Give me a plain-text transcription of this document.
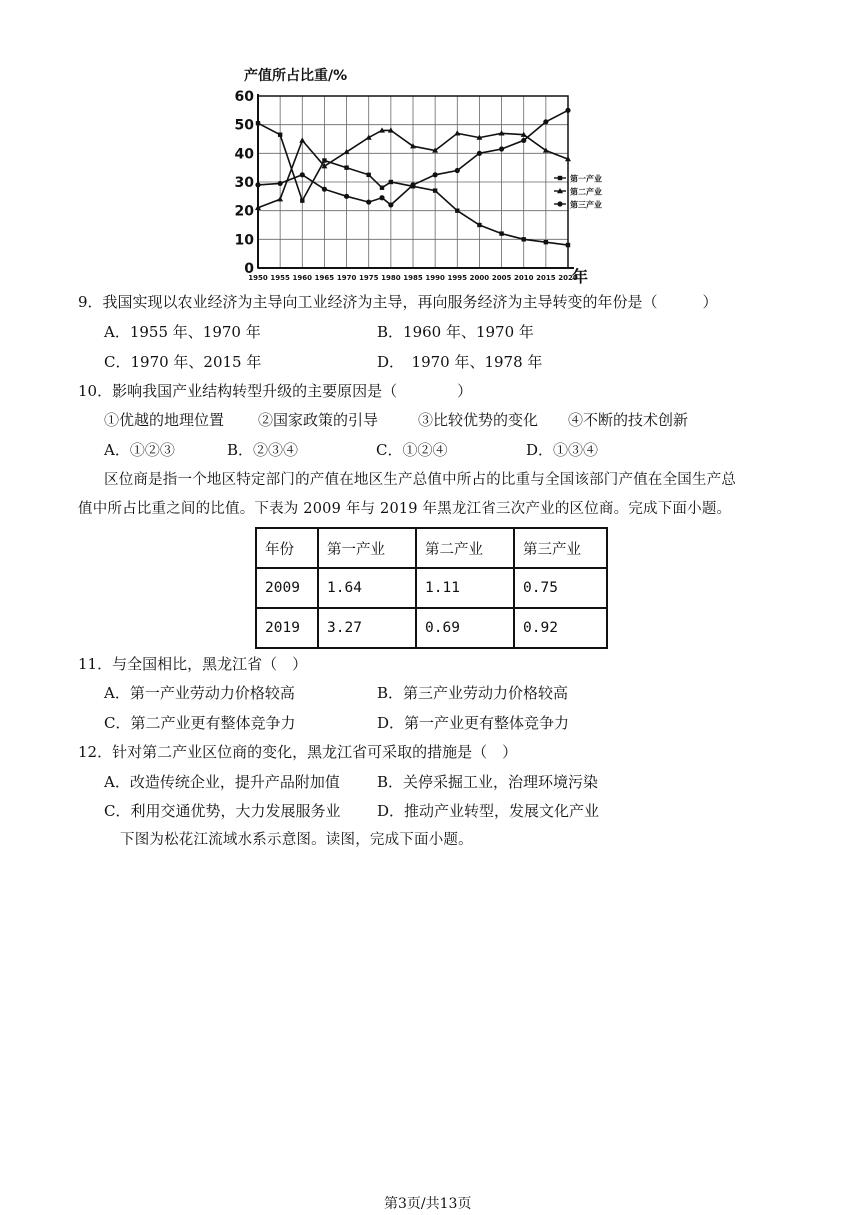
0
10
20
30
40
50
60
1950 1955 1960 1965 1970 1975 1980 1985 1990 1995 2000 2005 2010 2015 2020
产值所占比重/%
年
第一产业
第二产业
第三产业
9．我国实现以农业经济为主导向工业经济为主导，再向服务经济为主导转变的年份是（　　　）
A．1955 年、1970 年	B．1960 年、1970 年
C．1970 年、2015 年	D．　1970 年、1978 年
10．影响我国产业结构转型升级的主要原因是（　　　　）
①优越的地理位置 ②国家政策的引导	③比较优势的变化 ④不断的技术创新
A．①②③	B．②③④	C．①②④	D．①③④
区位商是指一个地区特定部门的产值在地区生产总值中所占的比重与全国该部门产值在全国生产总
值中所占比重之间的比值。下表为 2009 年与 2019 年黑龙江省三次产业的区位商。完成下面小题。
年份	第一产业	第二产业	第三产业
2009	1.64	1.11	0.75
2019	3.27	0.69	0.92
11．与全国相比，黑龙江省（　）
A．第一产业劳动力价格较高	B．第三产业劳动力价格较高
C．第二产业更有整体竞争力	D．第一产业更有整体竞争力
12．针对第二产业区位商的变化，黑龙江省可采取的措施是（　）
A．改造传统企业，提升产品附加值 B．关停采掘工业，治理环境污染
C．利用交通优势，大力发展服务业 D．推动产业转型，发展文化产业
下图为松花江流域水系示意图。读图，完成下面小题。
第3页/共13页
